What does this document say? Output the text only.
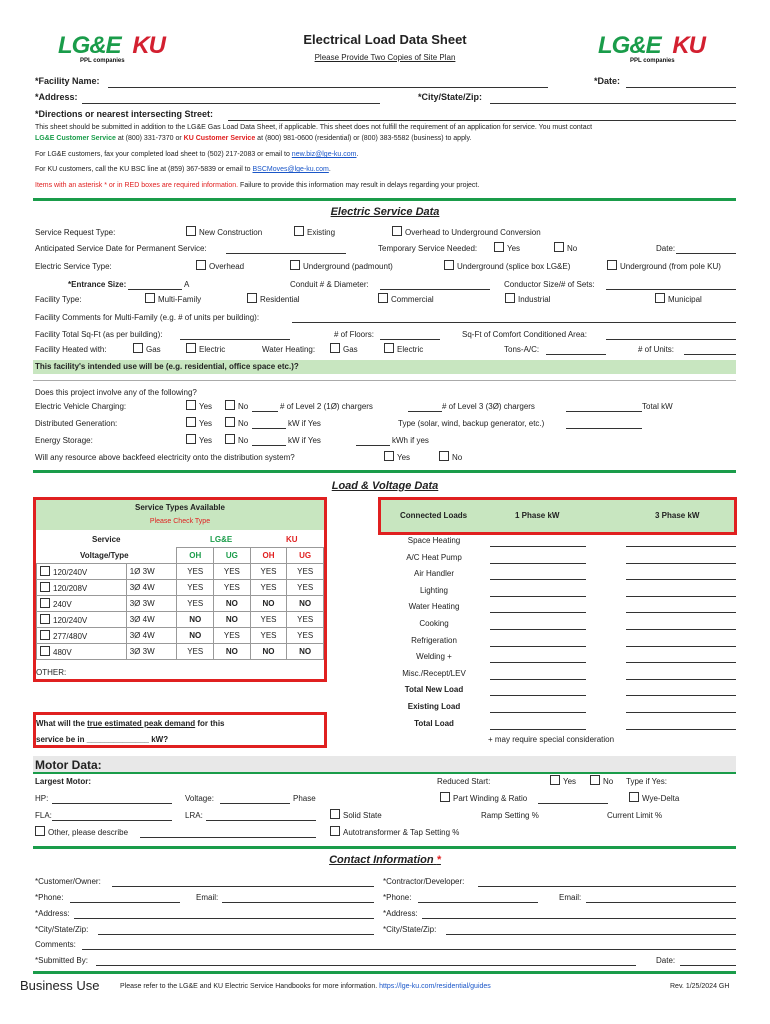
LG&E KU
PPL companies
LG&E KU
PPL companies
Electrical Load Data Sheet
Please Provide Two Copies of Site Plan
*Facility Name:	*Date:
*Address:	*City/State/Zip:
*Directions or nearest intersecting Street:
This sheet should be submitted in addition to the LG&E Gas Load Data Sheet, if applicable. This sheet does not fulfill the requirement of an application for service. You must contact
LG&E Customer Service at (800) 331-7370 or KU Customer Service at (800) 981-0600 (residential) or (800) 383-5582 (business) to apply.
For LG&E customers, fax your completed load sheet to (502) 217-2083 or email to new.biz@lge-ku.com.
For KU customers, call the KU BSC line at (859) 367-5839 or email to BSCMoves@lge-ku.com.
Items with an asterisk * or in RED boxes are required information. Failure to provide this information may result in delays regarding your project.
Electric Service Data
Service Request Type:	New Construction	Existing	Overhead to Underground Conversion
Anticipated Service Date for Permanent Service:	Temporary Service Needed:	Yes	No	Date:
Electric Service Type:	Overhead	Underground (padmount)	Underground (splice box LG&E)	Underground (from pole KU)
*Entrance Size:	A	Conduit # & Diameter:	Conductor Size/# of Sets:
Facility Type:	Multi-Family	Residential	Commercial	Industrial	Municipal
Facility Comments for Multi-Family (e.g. # of units per building):
Facility Total Sq-Ft (as per building):	# of Floors:	Sq-Ft of Comfort Conditioned Area:
Facility Heated with:	Gas	Electric	Water Heating:	Gas	Electric	Tons-A/C:	# of Units:
This facility's intended use will be (e.g. residential, office space etc.)?
Does this project involve any of the following?
Electric Vehicle Charging:	Yes	No	# of Level 2 (1Ø) chargers	# of Level 3 (3Ø) chargers	Total kW
Distributed Generation:	Yes	No	kW if Yes	Type (solar, wind, backup generator, etc.)
Energy Storage:	Yes	No	kW if Yes	kWh if yes
Will any resource above backfeed electricity onto the distribution system?	Yes	No
Load & Voltage Data
Service Types Available
Please Check Type
Service
Voltage/Type
LG&E	KU
		OH	UG	OH	UG
120/240V	1Ø 3W	YES	YES	YES	YES
120/208V	3Ø 4W	YES	YES	YES	YES
240V	3Ø 3W	YES	NO	NO	NO
120/240V	3Ø 4W	NO	NO	YES	YES
277/480V	3Ø 4W	NO	YES	YES	YES
480V	3Ø 3W	YES	NO	NO	NO
OTHER:
What will the true estimated peak demand for this
service be in ______________ kW?
Connected Loads	1 Phase kW	3 Phase kW
Space Heating
A/C Heat Pump
Air Handler
Lighting
Water Heating
Cooking
Refrigeration
Welding +
Misc./Recept/LEV
Total New Load
Existing Load
Total Load
+ may require special consideration
Motor Data:
Largest Motor:	Reduced Start:	Yes	No Type if Yes:
HP:	Voltage:	Phase	Part Winding & Ratio	Wye-Delta
FLA:	LRA:	Solid State	Ramp Setting %	Current Limit %
Other, please describe	Autotransformer & Tap Setting %
Contact Information *
*Customer/Owner:	*Contractor/Developer:
*Phone:	Email:	*Phone:	Email:
*Address:	*Address:
*City/State/Zip:	*City/State/Zip:
Comments:
*Submitted By:	Date:
Business Use	Please refer to the LG&E and KU Electric Service Handbooks for more information. https://lge-ku.com/residential/guides	Rev. 1/25/2024 GH
